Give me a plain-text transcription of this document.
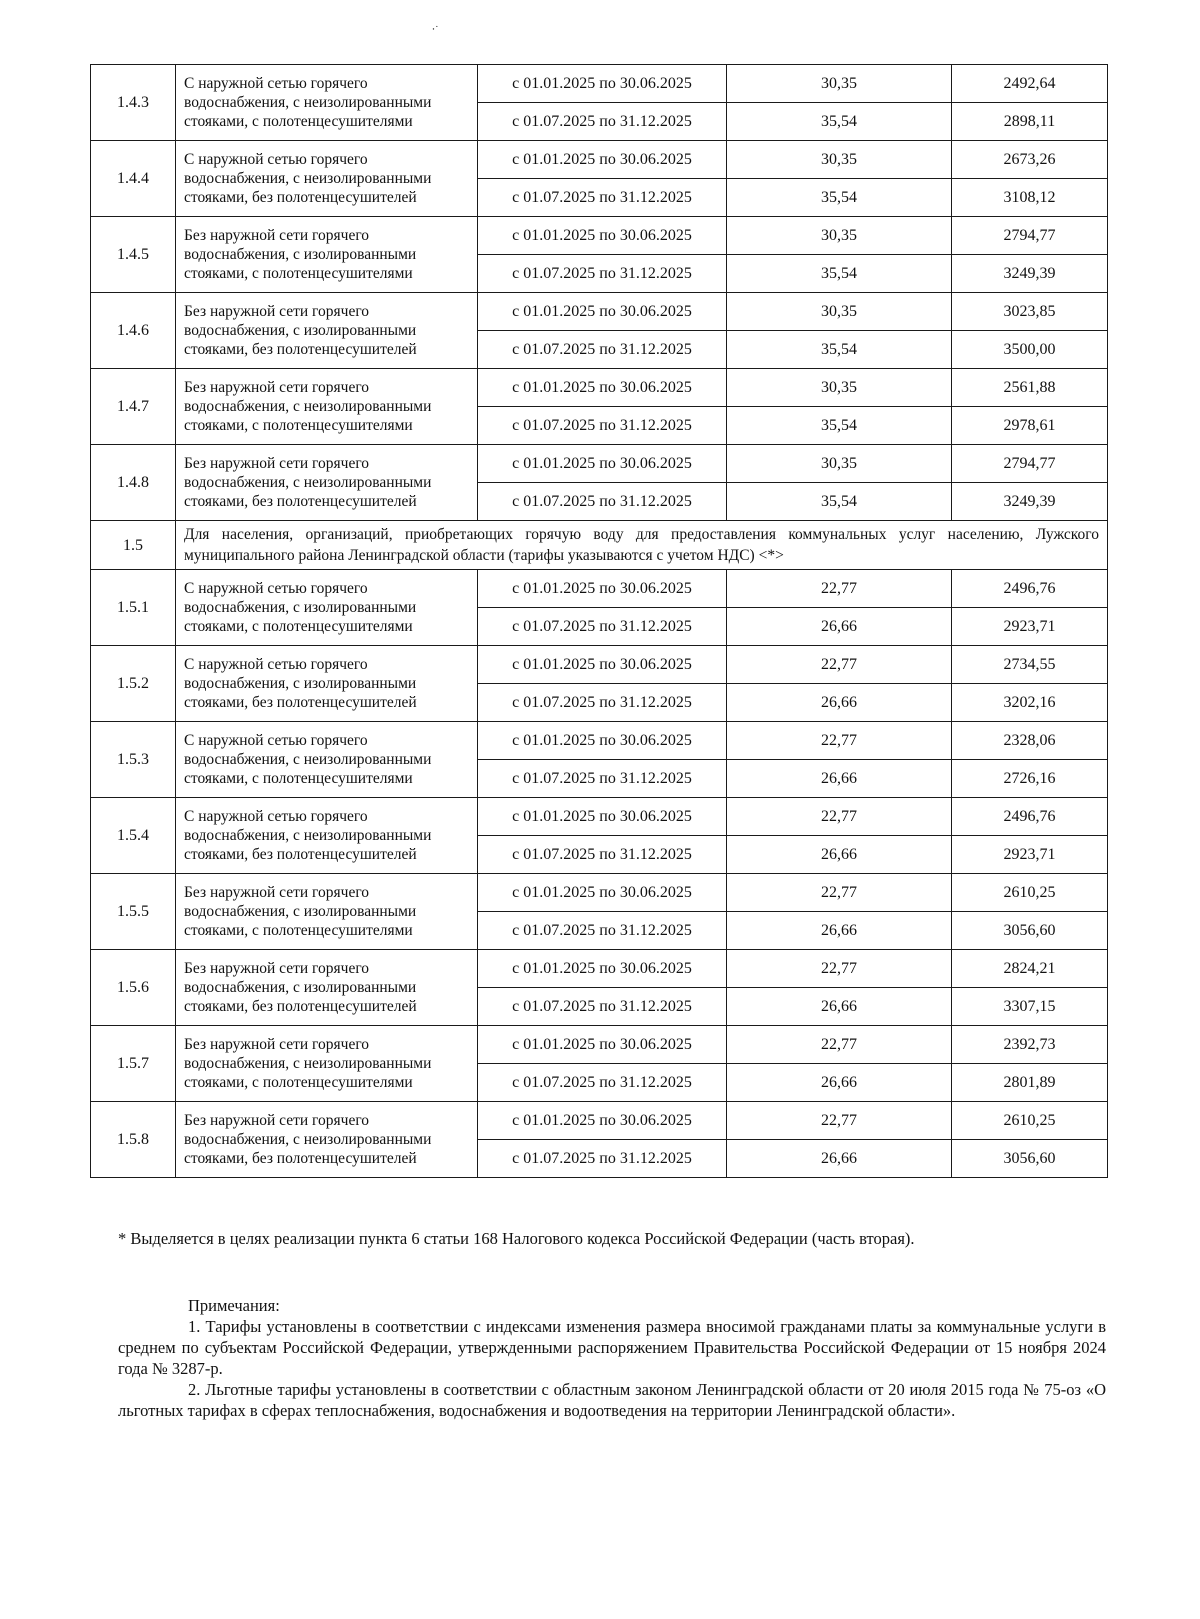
⸱˙
1.4.3	С наружной сетью горячего водоснабжения, с неизолированными стояками, с полотенцесушителями	с 01.01.2025 по 30.06.2025	30,35	2492,64
		с 01.07.2025 по 31.12.2025	35,54	2898,11
1.4.4	С наружной сетью горячего водоснабжения, с неизолированными стояками, без полотенцесушителей	с 01.01.2025 по 30.06.2025	30,35	2673,26
		с 01.07.2025 по 31.12.2025	35,54	3108,12
1.4.5	Без наружной сети горячего водоснабжения, с изолированными стояками, с полотенцесушителями	с 01.01.2025 по 30.06.2025	30,35	2794,77
		с 01.07.2025 по 31.12.2025	35,54	3249,39
1.4.6	Без наружной сети горячего водоснабжения, с изолированными стояками, без полотенцесушителей	с 01.01.2025 по 30.06.2025	30,35	3023,85
		с 01.07.2025 по 31.12.2025	35,54	3500,00
1.4.7	Без наружной сети горячего водоснабжения, с неизолированными стояками, с полотенцесушителями	с 01.01.2025 по 30.06.2025	30,35	2561,88
		с 01.07.2025 по 31.12.2025	35,54	2978,61
1.4.8	Без наружной сети горячего водоснабжения, с неизолированными стояками, без полотенцесушителей	с 01.01.2025 по 30.06.2025	30,35	2794,77
		с 01.07.2025 по 31.12.2025	35,54	3249,39
1.5	Для населения, организаций, приобретающих горячую воду для предоставления коммунальных услуг населению, Лужского муниципального района Ленинградской области (тарифы указываются с учетом НДС) <*>			
1.5.1	С наружной сетью горячего водоснабжения, с изолированными стояками, с полотенцесушителями	с 01.01.2025 по 30.06.2025	22,77	2496,76
		с 01.07.2025 по 31.12.2025	26,66	2923,71
1.5.2	С наружной сетью горячего водоснабжения, с изолированными стояками, без полотенцесушителей	с 01.01.2025 по 30.06.2025	22,77	2734,55
		с 01.07.2025 по 31.12.2025	26,66	3202,16
1.5.3	С наружной сетью горячего водоснабжения, с неизолированными стояками, с полотенцесушителями	с 01.01.2025 по 30.06.2025	22,77	2328,06
		с 01.07.2025 по 31.12.2025	26,66	2726,16
1.5.4	С наружной сетью горячего водоснабжения, с неизолированными стояками, без полотенцесушителей	с 01.01.2025 по 30.06.2025	22,77	2496,76
		с 01.07.2025 по 31.12.2025	26,66	2923,71
1.5.5	Без наружной сети горячего водоснабжения, с изолированными стояками, с полотенцесушителями	с 01.01.2025 по 30.06.2025	22,77	2610,25
		с 01.07.2025 по 31.12.2025	26,66	3056,60
1.5.6	Без наружной сети горячего водоснабжения, с изолированными стояками, без полотенцесушителей	с 01.01.2025 по 30.06.2025	22,77	2824,21
		с 01.07.2025 по 31.12.2025	26,66	3307,15
1.5.7	Без наружной сети горячего водоснабжения, с неизолированными стояками, с полотенцесушителями	с 01.01.2025 по 30.06.2025	22,77	2392,73
		с 01.07.2025 по 31.12.2025	26,66	2801,89
1.5.8	Без наружной сети горячего водоснабжения, с неизолированными стояками, без полотенцесушителей	с 01.01.2025 по 30.06.2025	22,77	2610,25
		с 01.07.2025 по 31.12.2025	26,66	3056,60
* Выделяется в целях реализации пункта 6 статьи 168 Налогового кодекса Российской Федерации (часть вторая).

Примечания:

1. Тарифы установлены в соответствии с индексами изменения размера вносимой гражданами платы за коммунальные услуги в среднем по субъектам Российской Федерации, утвержденными распоряжением Правительства Российской Федерации от 15 ноября 2024 года № 3287-р.

2. Льготные тарифы установлены в соответствии с областным законом Ленинградской области от 20 июля 2015 года № 75-оз «О льготных тарифах в сферах теплоснабжения, водоснабжения и водоотведения на территории Ленинградской области».
